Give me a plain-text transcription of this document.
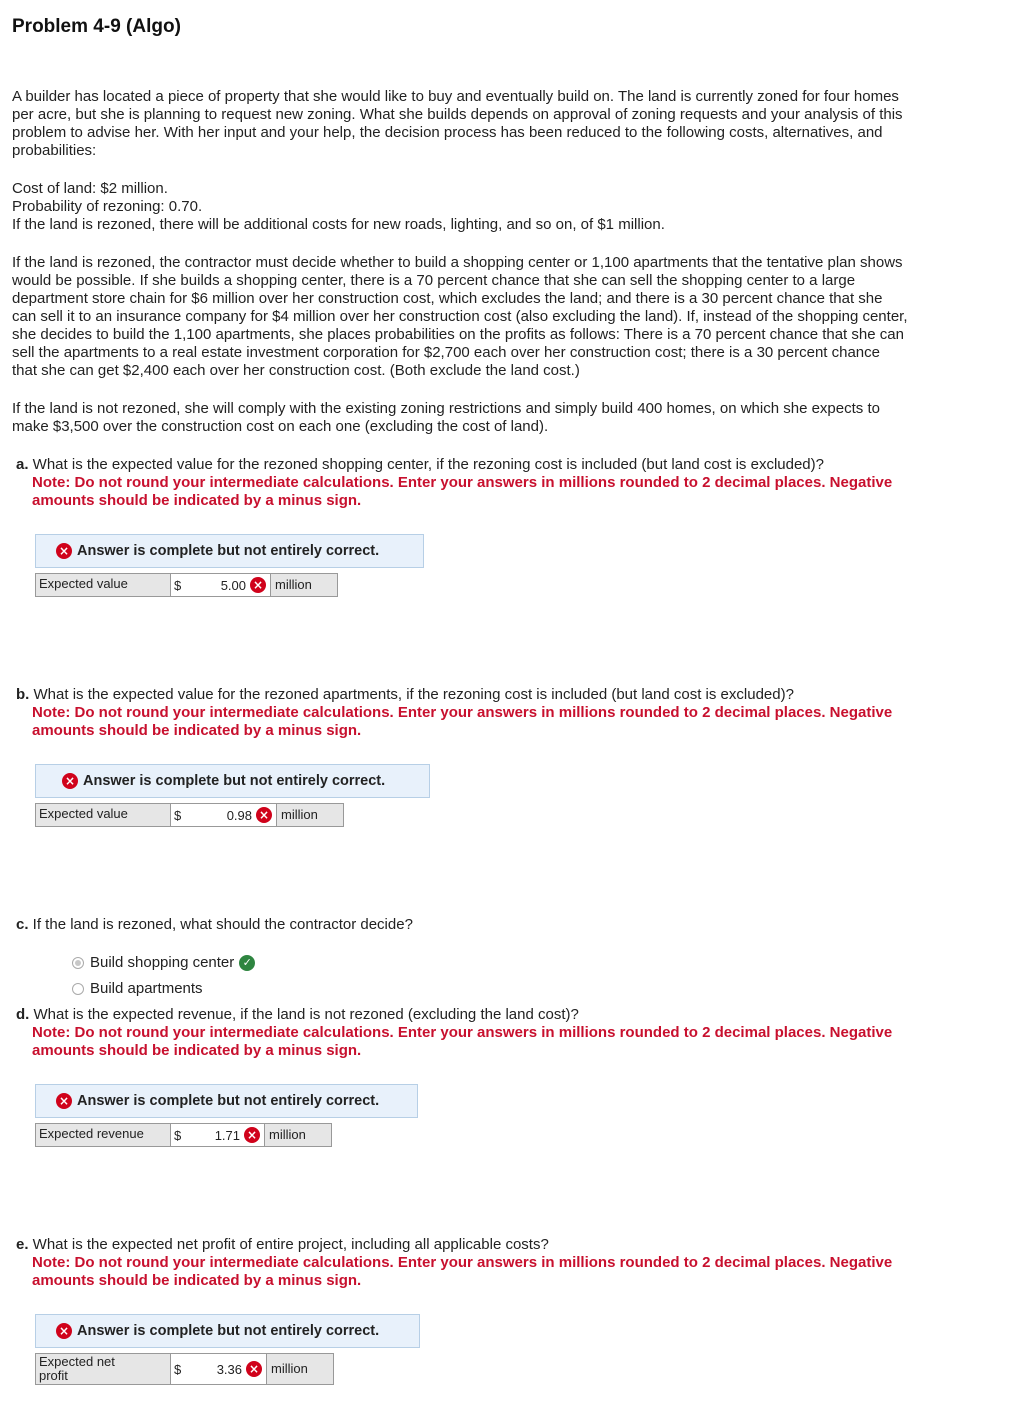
Problem 4-9 (Algo)
A builder has located a piece of property that she would like to buy and eventually build on. The land is currently zoned for four homes
per acre, but she is planning to request new zoning. What she builds depends on approval of zoning requests and your analysis of this
problem to advise her. With her input and your help, the decision process has been reduced to the following costs, alternatives, and
probabilities:
Cost of land: $2 million.
Probability of rezoning: 0.70.
If the land is rezoned, there will be additional costs for new roads, lighting, and so on, of $1 million.
If the land is rezoned, the contractor must decide whether to build a shopping center or 1,100 apartments that the tentative plan shows
would be possible. If she builds a shopping center, there is a 70 percent chance that she can sell the shopping center to a large
department store chain for $6 million over her construction cost, which excludes the land; and there is a 30 percent chance that she
can sell it to an insurance company for $4 million over her construction cost (also excluding the land). If, instead of the shopping center,
she decides to build the 1,100 apartments, she places probabilities on the profits as follows: There is a 70 percent chance that she can
sell the apartments to a real estate investment corporation for $2,700 each over her construction cost; there is a 30 percent chance
that she can get $2,400 each over her construction cost. (Both exclude the land cost.)
If the land is not rezoned, she will comply with the existing zoning restrictions and simply build 400 homes, on which she expects to
make $3,500 over the construction cost on each one (excluding the cost of land).
a. What is the expected value for the rezoned shopping center, if the rezoning cost is included (but land cost is excluded)?
Note: Do not round your intermediate calculations. Enter your answers in millions rounded to 2 decimal places. Negative
amounts should be indicated by a minus sign.
× Answer is complete but not entirely correct.
Expected value	$	5.00 × million
b. What is the expected value for the rezoned apartments, if the rezoning cost is included (but land cost is excluded)?
Note: Do not round your intermediate calculations. Enter your answers in millions rounded to 2 decimal places. Negative
amounts should be indicated by a minus sign.
× Answer is complete but not entirely correct.
Expected value	$	0.98 × million
c. If the land is rezoned, what should the contractor decide?
Build shopping center ✓
Build apartments
d. What is the expected revenue, if the land is not rezoned (excluding the land cost)?
Note: Do not round your intermediate calculations. Enter your answers in millions rounded to 2 decimal places. Negative
amounts should be indicated by a minus sign.
× Answer is complete but not entirely correct.
Expected revenue	$	1.71 × million
e. What is the expected net profit of entire project, including all applicable costs?
Note: Do not round your intermediate calculations. Enter your answers in millions rounded to 2 decimal places. Negative
amounts should be indicated by a minus sign.
× Answer is complete but not entirely correct.
Expected net
profit	$	3.36 × million
